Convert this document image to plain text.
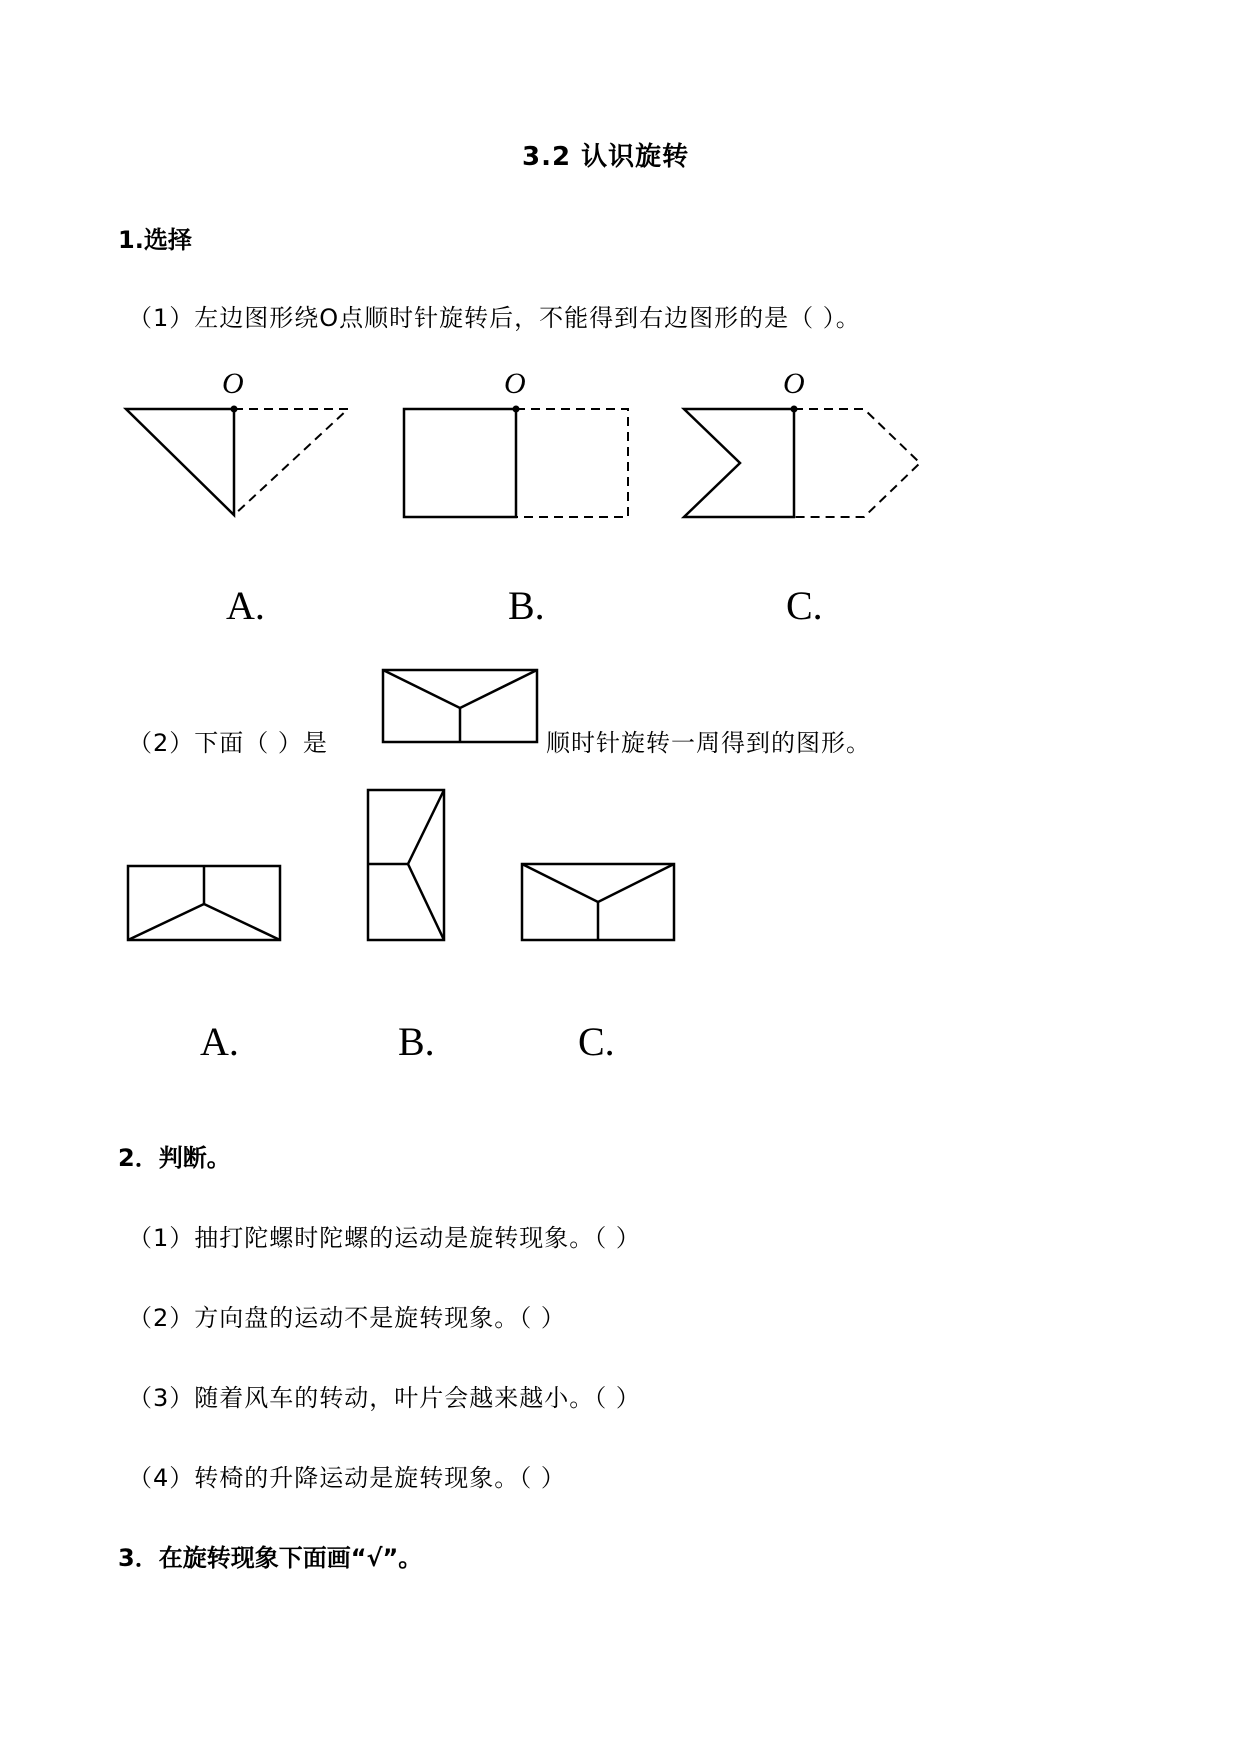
3.2 认识旋转
1.选择
（1）左边图形绕O点顺时针旋转后，不能得到右边图形的是（ ）。
O	O	O
A.	B.	C.
（2）下面（ ）是	顺时针旋转一周得到的图形。
A.	B.	C.
2．判断。
（1）抽打陀螺时陀螺的运动是旋转现象。（ ）
（2）方向盘的运动不是旋转现象。（ ）
（3）随着风车的转动，叶片会越来越小。（ ）
（4）转椅的升降运动是旋转现象。（ ）
3．在旋转现象下面画“√”。
